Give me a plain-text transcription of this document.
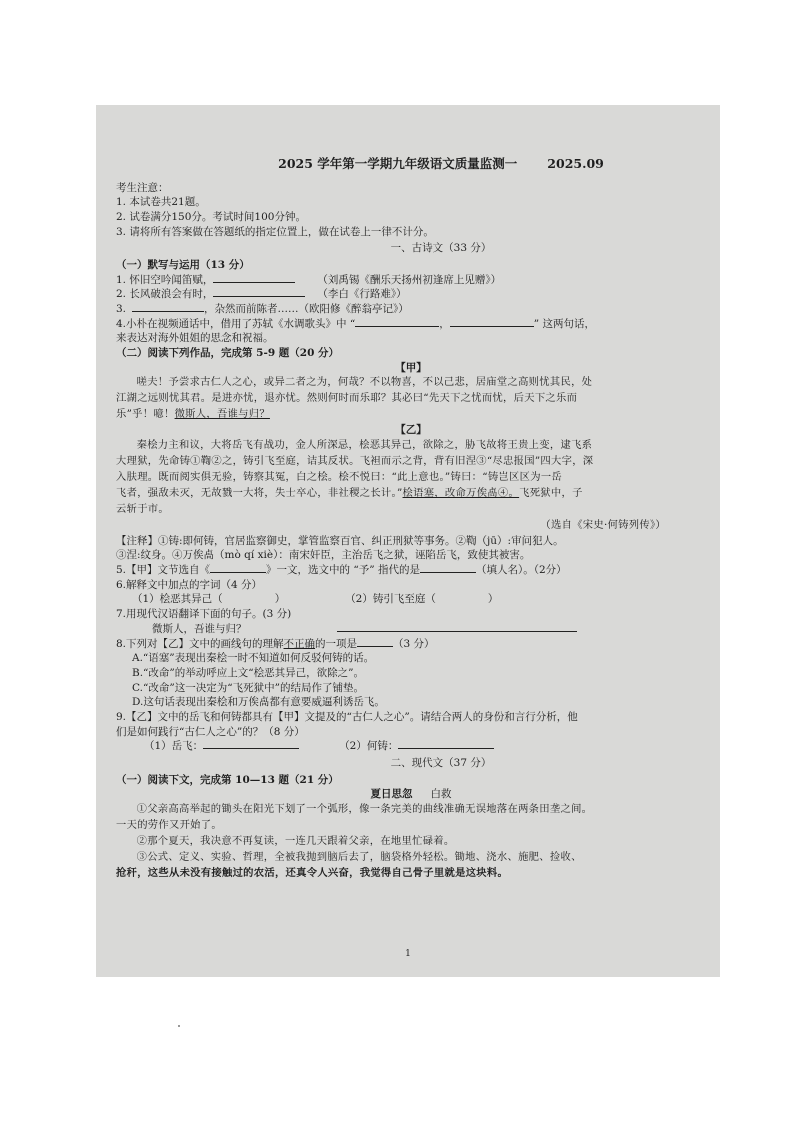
2025 学年第一学期九年级语文质量监测一 2025.09
考生注意：
1. 本试卷共21题。
2. 试卷满分150分。考试时间100分钟。
3. 请将所有答案做在答题纸的指定位置上，做在试卷上一律不计分。
一、古诗文（33 分）
（一）默写与运用（13 分）
1. 怀旧空吟闻笛赋，	（刘禹锡《酬乐天扬州初逢席上见赠》）
2. 长风破浪会有时，	（李白《行路难》）
3.	，杂然而前陈者……（欧阳修《醉翁亭记》）
4.小朴在视频通话中，借用了苏轼《水调歌头》中 “	，	” 这两句话，
来表达对海外姐姐的思念和祝福。
（二）阅读下列作品，完成第 5-9 题（20 分）
【甲】
嗟夫！予尝求古仁人之心，或异二者之为，何哉？不以物喜，不以己悲，居庙堂之高则忧其民，处
江湖之远则忧其君。是进亦忧，退亦忧。然则何时而乐耶？其必曰“先天下之忧而忧，后天下之乐而
乐”乎！噫！微斯人，吾谁与归？
【乙】
秦桧力主和议，大将岳飞有战功，金人所深忌，桧恶其异己，欲除之，胁飞故将王贵上变，逮飞系
大理狱，先命铸①鞫②之，铸引飞至庭，诘其反状。飞袒而示之背，背有旧涅③“尽忠报国”四大字，深
入肤理。既而阅实俱无验，铸察其冤，白之桧。桧不悦曰：“此上意也。”铸曰：“铸岂区区为一岳
飞者，强敌未灭，无故戮一大将，失士卒心，非社稷之长计。”桧语塞，改命万俟卨④。飞死狱中，子
云斩于市。
（选自《宋史·何铸列传》）
【注释】①铸:即何铸，官居监察御史，掌管监察百官、纠正刑狱等事务。②鞫（jū）:审问犯人。
③涅:纹身。④万俟卨（mò qí xiè）：南宋奸臣，主治岳飞之狱，诬陷岳飞，致使其被害。
5.【甲】文节选自《	》一文，选文中的 “予” 指代的是	（填人名）。（2分）
6.解释文中加点的字词（4 分）
（1）桧恶其异己（	）	（2）铸引飞至庭（	）
7.用现代汉语翻译下面的句子。(3 分)
微斯人，吾谁与归？
8.下列对【乙】文中的画线句的理解不正确的一项是	（3 分）
A.“语塞”表现出秦桧一时不知道如何反驳何铸的话。
B.“改命”的举动呼应上文“桧恶其异己，欲除之”。
C.“改命”这一决定为“飞死狱中”的结局作了铺垫。
D.这句话表现出秦桧和万俟卨都有意要威逼利诱岳飞。
9.【乙】文中的岳飞和何铸都具有【甲】文提及的“古仁人之心”。请结合两人的身份和言行分析，他
们是如何践行“古仁人之心”的？（8 分）
（1）岳飞：	（2）何铸：
二、现代文（37 分）
（一）阅读下文，完成第 10—13 题（21 分）
夏日思忽 白救
①父亲高高举起的锄头在阳光下划了一个弧形，像一条完美的曲线准确无误地落在两条田垄之间。
一天的劳作又开始了。
②那个夏天，我决意不再复读，一连几天跟着父亲，在地里忙碌着。
③公式、定义、实验、哲理，全被我抛到脑后去了，脑袋格外轻松。锄地、浇水、施肥、捡收、
抢秆，这些从未没有接触过的农活，还真令人兴奋，我觉得自己骨子里就是这块料。
1
